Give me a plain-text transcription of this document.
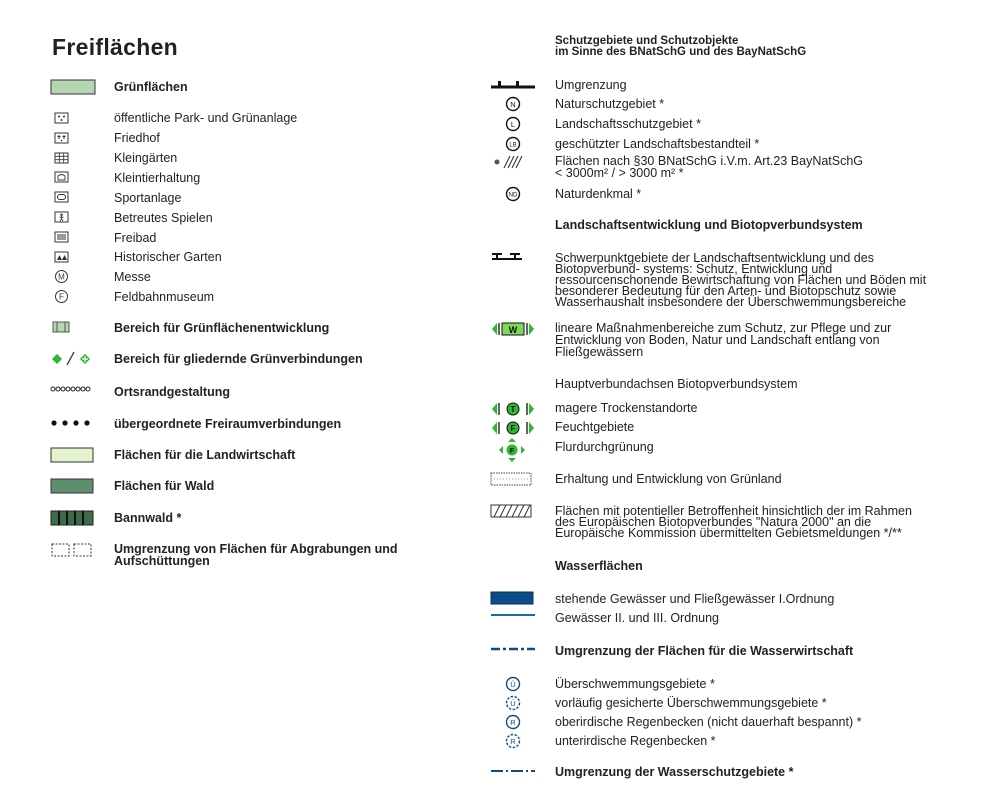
Freiflächen
Grünflächen
öffentliche Park- und Grünanlage
Friedhof
Kleingärten
Kleintierhaltung
Sportanlage
Betreutes Spielen
Freibad
Historischer Garten
M	Messe
F	Feldbahnmuseum
Bereich für Grünflächenentwicklung
Bereich für gliedernde Grünverbindungen
Ortsrandgestaltung
übergeordnete Freiraumverbindungen
Flächen für die Landwirtschaft
Flächen für Wald
Bannwald *
Umgrenzung von Flächen für Abgrabungen und
Aufschüttungen
Schutzgebiete und Schutzobjekte
im Sinne des BNatSchG und des BayNatSchG
Umgrenzung
N	Naturschutzgebiet *
L	Landschaftsschutzgebiet *
LB	geschützter Landschaftsbestandteil *
Flächen nach §30 BNatSchG i.V.m. Art.23 BayNatSchG
< 3000m² / > 3000 m² *
ND	Naturdenkmal *
Landschaftsentwicklung und Biotopverbundsystem
Schwerpunktgebiete der Landschaftsentwicklung und des
Biotopverbund- systems: Schutz, Entwicklung und
ressourcenschonende Bewirtschaftung von Flächen und Böden mit
besonderer Bedeutung für den Arten- und Biotopschutz sowie
Wasserhaushalt insbesondere der Überschwemmungsbereiche
W	lineare Maßnahmenbereiche zum Schutz, zur Pflege und zur
Entwicklung von Boden, Natur und Landschaft entlang von
Fließgewässern
Hauptverbundachsen Biotopverbundsystem
T	magere Trockenstandorte
F	Feuchtgebiete
F	Flurdurchgrünung
Erhaltung und Entwicklung von Grünland
Flächen mit potentieller Betroffenheit hinsichtlich der im Rahmen
des Europäischen Biotopverbundes "Natura 2000" an die
Europäische Kommission übermittelten Gebietsmeldungen */**
Wasserflächen
stehende Gewässer und Fließgewässer I.Ordnung
Gewässer II. und III. Ordnung
Umgrenzung der Flächen für die Wasserwirtschaft
Ü	Überschwemmungsgebiete *
Ü	vorläufig gesicherte Überschwemmungsgebiete *
R	oberirdische Regenbecken (nicht dauerhaft bespannt) *
R	unterirdische Regenbecken *
Umgrenzung der Wasserschutzgebiete *
